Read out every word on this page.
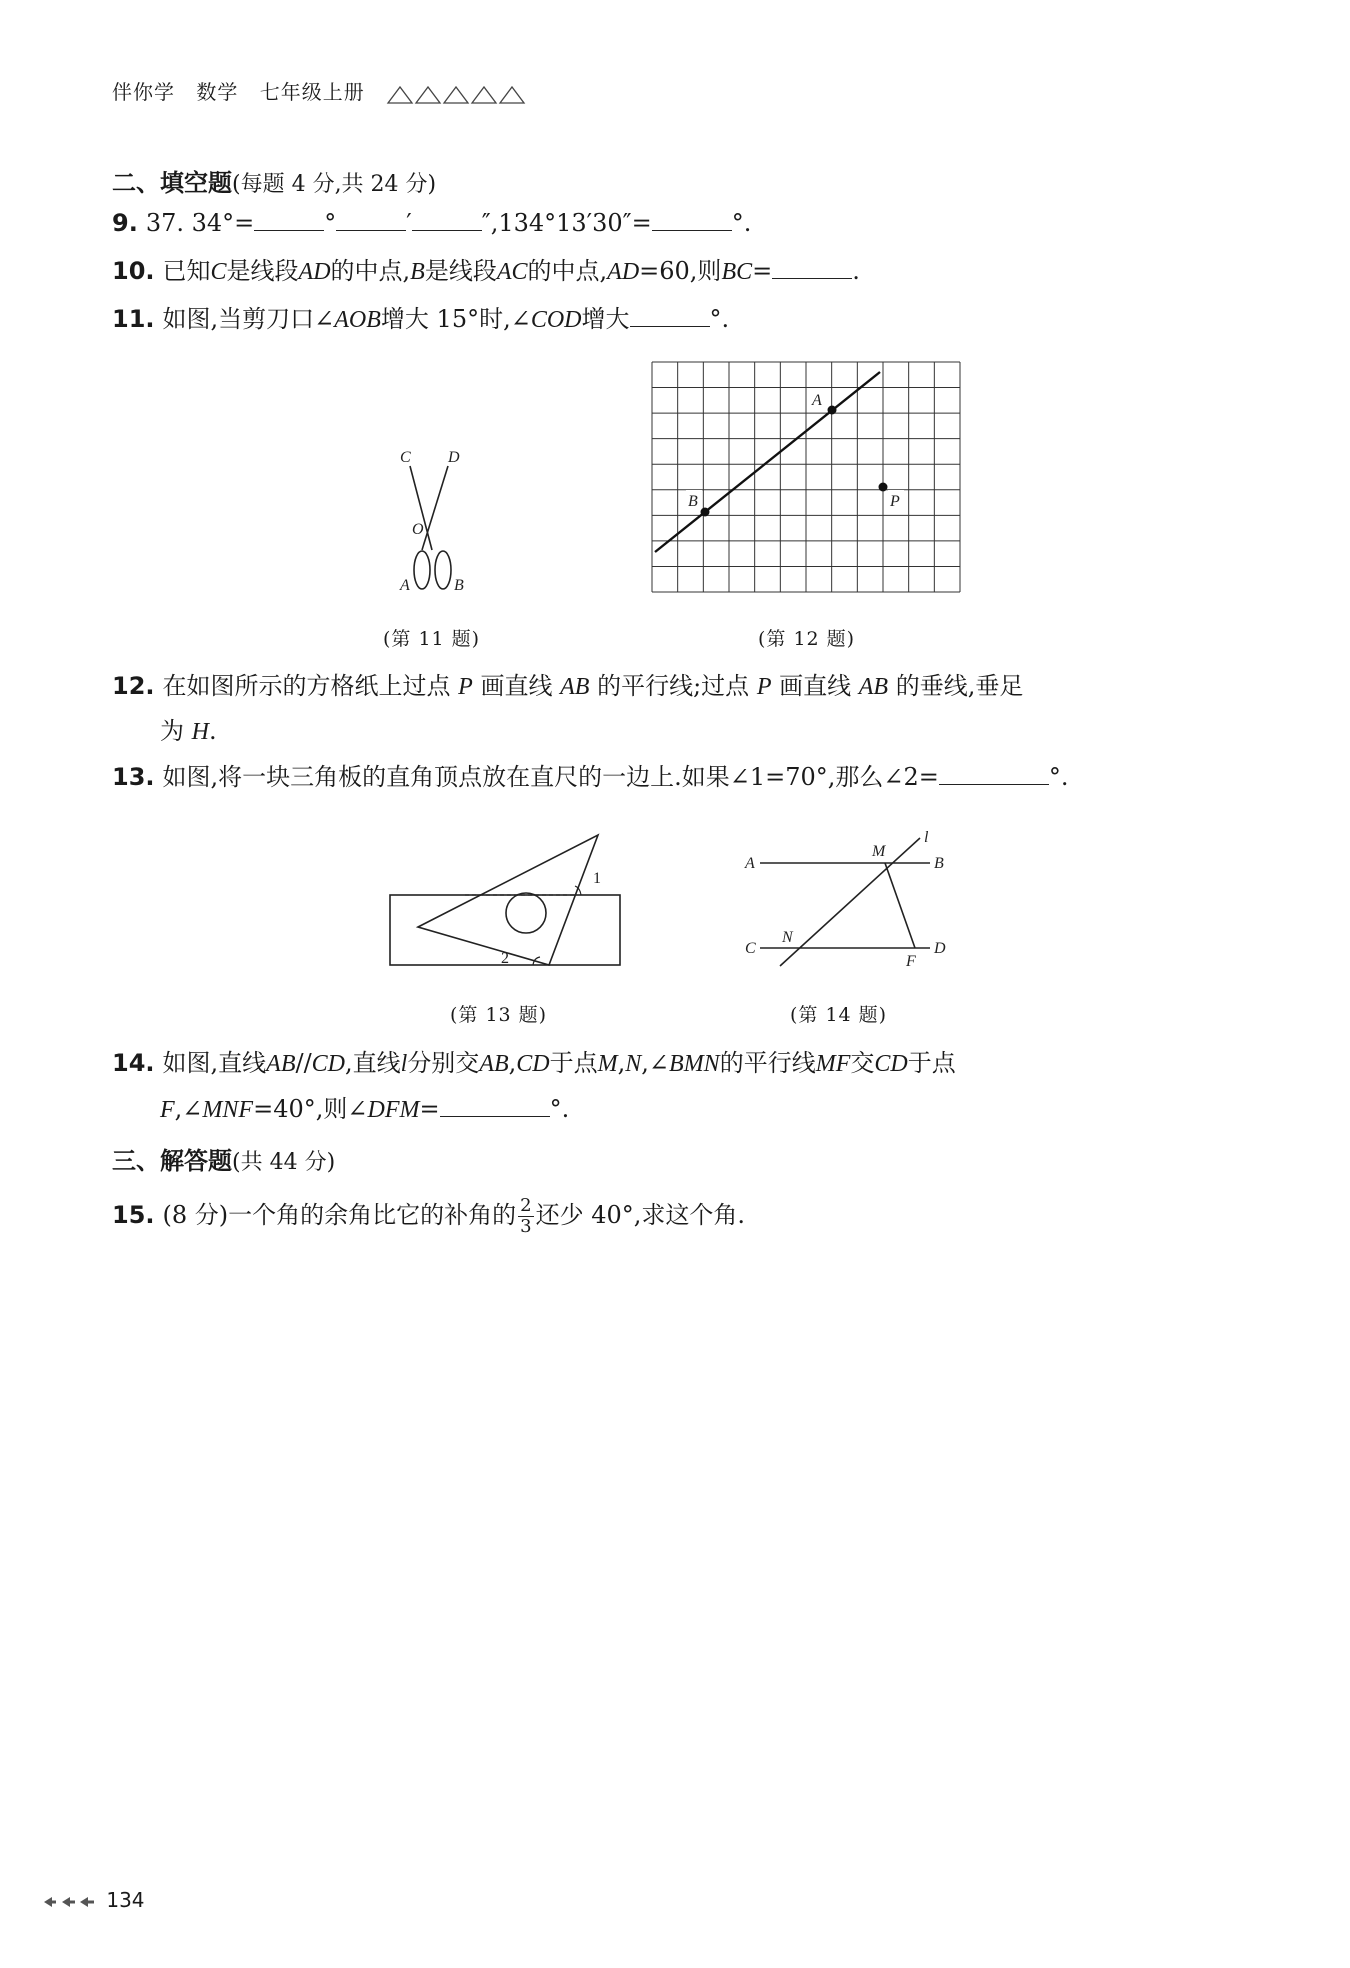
伴你学 数学 七年级上册
二、填空题(每题 4 分,共 24 分)
9. 37. 34°=	°	′	″,134°13′30″=	°.
10. 已知C是线段AD的中点,B是线段AC的中点,AD=60,则BC=	.
11. 如图,当剪刀口∠AOB增大 15°时,∠COD增大	°.
C D
O
A	B
(第 11 题)
A
B	P
(第 12 题)
12. 在如图所示的方格纸上过点 P 画直线 AB 的平行线;过点 P 画直线 AB 的垂线,垂足
为 H.
13. 如图,将一块三角板的直角顶点放在直尺的一边上.如果∠1=70°,那么∠2=	°.
1
2
(第 13 题)
l
A
M
B
C
N
F
D
(第 14 题)
14. 如图,直线AB//CD,直线l分别交AB,CD于点M,N,∠BMN的平行线MF交CD于点
F,∠MNF=40°,则∠DFM=	°.
三、解答题(共 44 分)
15. (8 分)一个角的余角比它的补角的 $\frac{2}{3}$ 还少 40°,求这个角.
134
